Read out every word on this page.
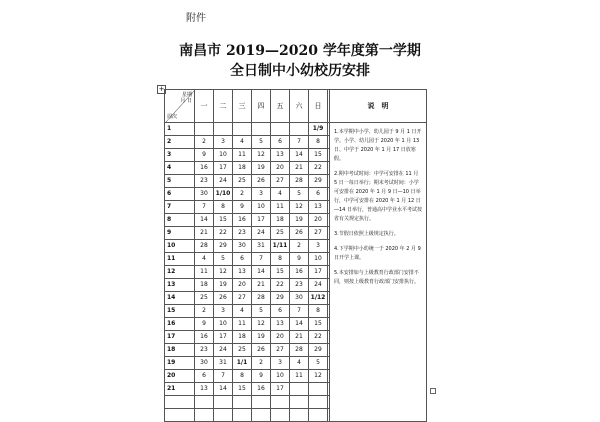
附件
南昌市 2019—2020 学年度第一学期
全日制中小幼校历安排
+
星期
月 日
周次	一	二	三	四	五	六	日		说　明
1							1/9		1.本学期中小学、幼儿园于 9 月 1 日开学。小学、幼儿园于 2020 年 1 月 13 日、中学于 2020 年 1 月 17 日放寒假。
2.期中考试时间：中学可安排在 11 月 5 日一每日举行；期末考试时间：小学可安排在 2020 年 1 月 9 日—10 日举行，中学可安排在 2020 年 1 月 12 日—14 日举行，普通高中学业水平考试按省有关规定执行。
3.节假日依照上级规定执行。
4.下学期中小幼统一于 2020 年 2 月 9 日开学上课。
5.本安排如与上级教育行政部门安排不同，则按上级教育行政部门安排执行。

2	2	3	4	5	6	7	8		
3	9	10	11	12	13	14	15		
4	16	17	18	19	20	21	22		
5	23	24	25	26	27	28	29		
6	30	1/10	2	3	4	5	6		
7	7	8	9	10	11	12	13		
8	14	15	16	17	18	19	20		
9	21	22	23	24	25	26	27		
10	28	29	30	31	1/11	2	3		
11	4	5	6	7	8	9	10		
12	11	12	13	14	15	16	17		
13	18	19	20	21	22	23	24		
14	25	26	27	28	29	30	1/12		
15	2	3	4	5	6	7	8		
16	9	10	11	12	13	14	15		
17	16	17	18	19	20	21	22		
18	23	24	25	26	27	28	29		
19	30	31	1/1	2	3	4	5		
20	6	7	8	9	10	11	12		
21	13	14	15	16	17				
